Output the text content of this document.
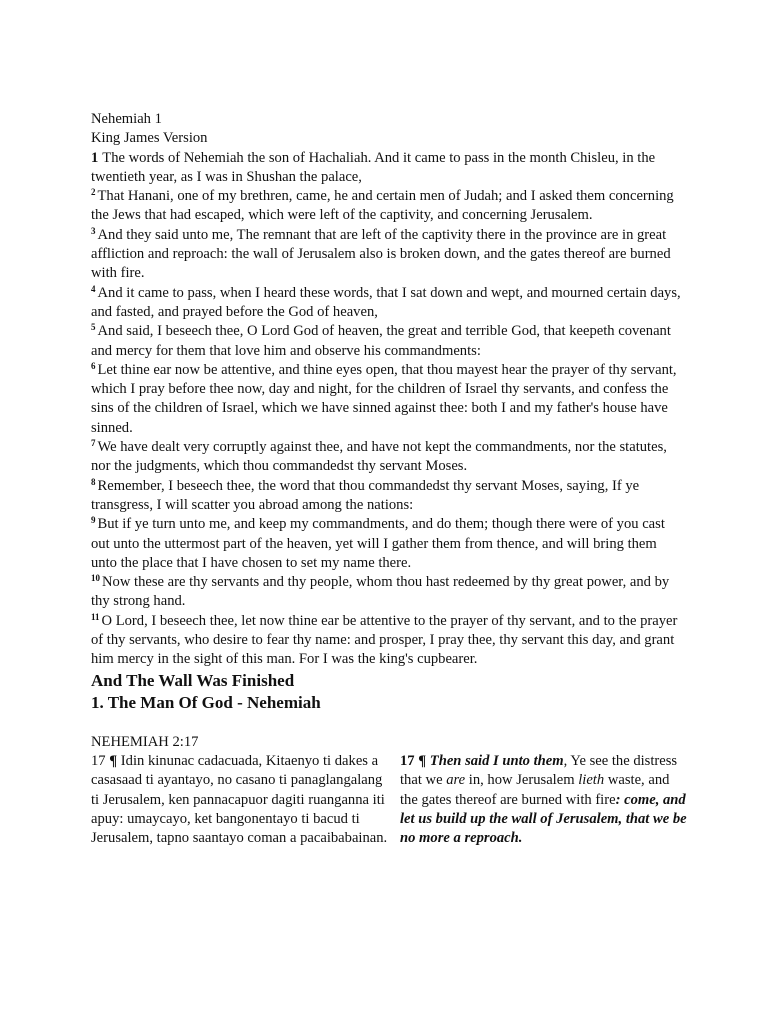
Nehemiah 1
King James Version
1 The words of Nehemiah the son of Hachaliah. And it came to pass in the month Chisleu, in the twentieth year, as I was in Shushan the palace,
$^2$ That Hanani, one of my brethren, came, he and certain men of Judah; and I asked them concerning the Jews that had escaped, which were left of the captivity, and concerning Jerusalem.
$^3$ And they said unto me, The remnant that are left of the captivity there in the province are in great affliction and reproach: the wall of Jerusalem also is broken down, and the gates thereof are burned with fire.
$^4$ And it came to pass, when I heard these words, that I sat down and wept, and mourned certain days, and fasted, and prayed before the God of heaven,
$^5$ And said, I beseech thee, O Lord God of heaven, the great and terrible God, that keepeth covenant and mercy for them that love him and observe his commandments:
$^6$ Let thine ear now be attentive, and thine eyes open, that thou mayest hear the prayer of thy servant, which I pray before thee now, day and night, for the children of Israel thy servants, and confess the sins of the children of Israel, which we have sinned against thee: both I and my father's house have sinned.
$^7$ We have dealt very corruptly against thee, and have not kept the commandments, nor the statutes, nor the judgments, which thou commandedst thy servant Moses.
$^8$ Remember, I beseech thee, the word that thou commandedst thy servant Moses, saying, If ye transgress, I will scatter you abroad among the nations:
$^9$ But if ye turn unto me, and keep my commandments, and do them; though there were of you cast out unto the uttermost part of the heaven, yet will I gather them from thence, and will bring them unto the place that I have chosen to set my name there.
$^{10}$ Now these are thy servants and thy people, whom thou hast redeemed by thy great power, and by thy strong hand.
$^{11}$ O Lord, I beseech thee, let now thine ear be attentive to the prayer of thy servant, and to the prayer of thy servants, who desire to fear thy name: and prosper, I pray thee, thy servant this day, and grant him mercy in the sight of this man. For I was the king's cupbearer.
And The Wall Was Finished
1. The Man Of God - Nehemiah
NEHEMIAH 2:17
17 ¶ Idin kinunac cadacuada, Kitaenyo ti dakes a casasaad ti ayantayo, no casano ti panaglangalang ti Jerusalem, ken pannacapuor dagiti ruanganna iti apuy: umaycayo, ket bangonentayo ti bacud ti Jerusalem, tapno saantayo coman a pacaibabainan.
17 ¶ Then said I unto them, Ye see the distress that we are in, how Jerusalem lieth waste, and the gates thereof are burned with fire: come, and let us build up the wall of Jerusalem, that we be no more a reproach.
